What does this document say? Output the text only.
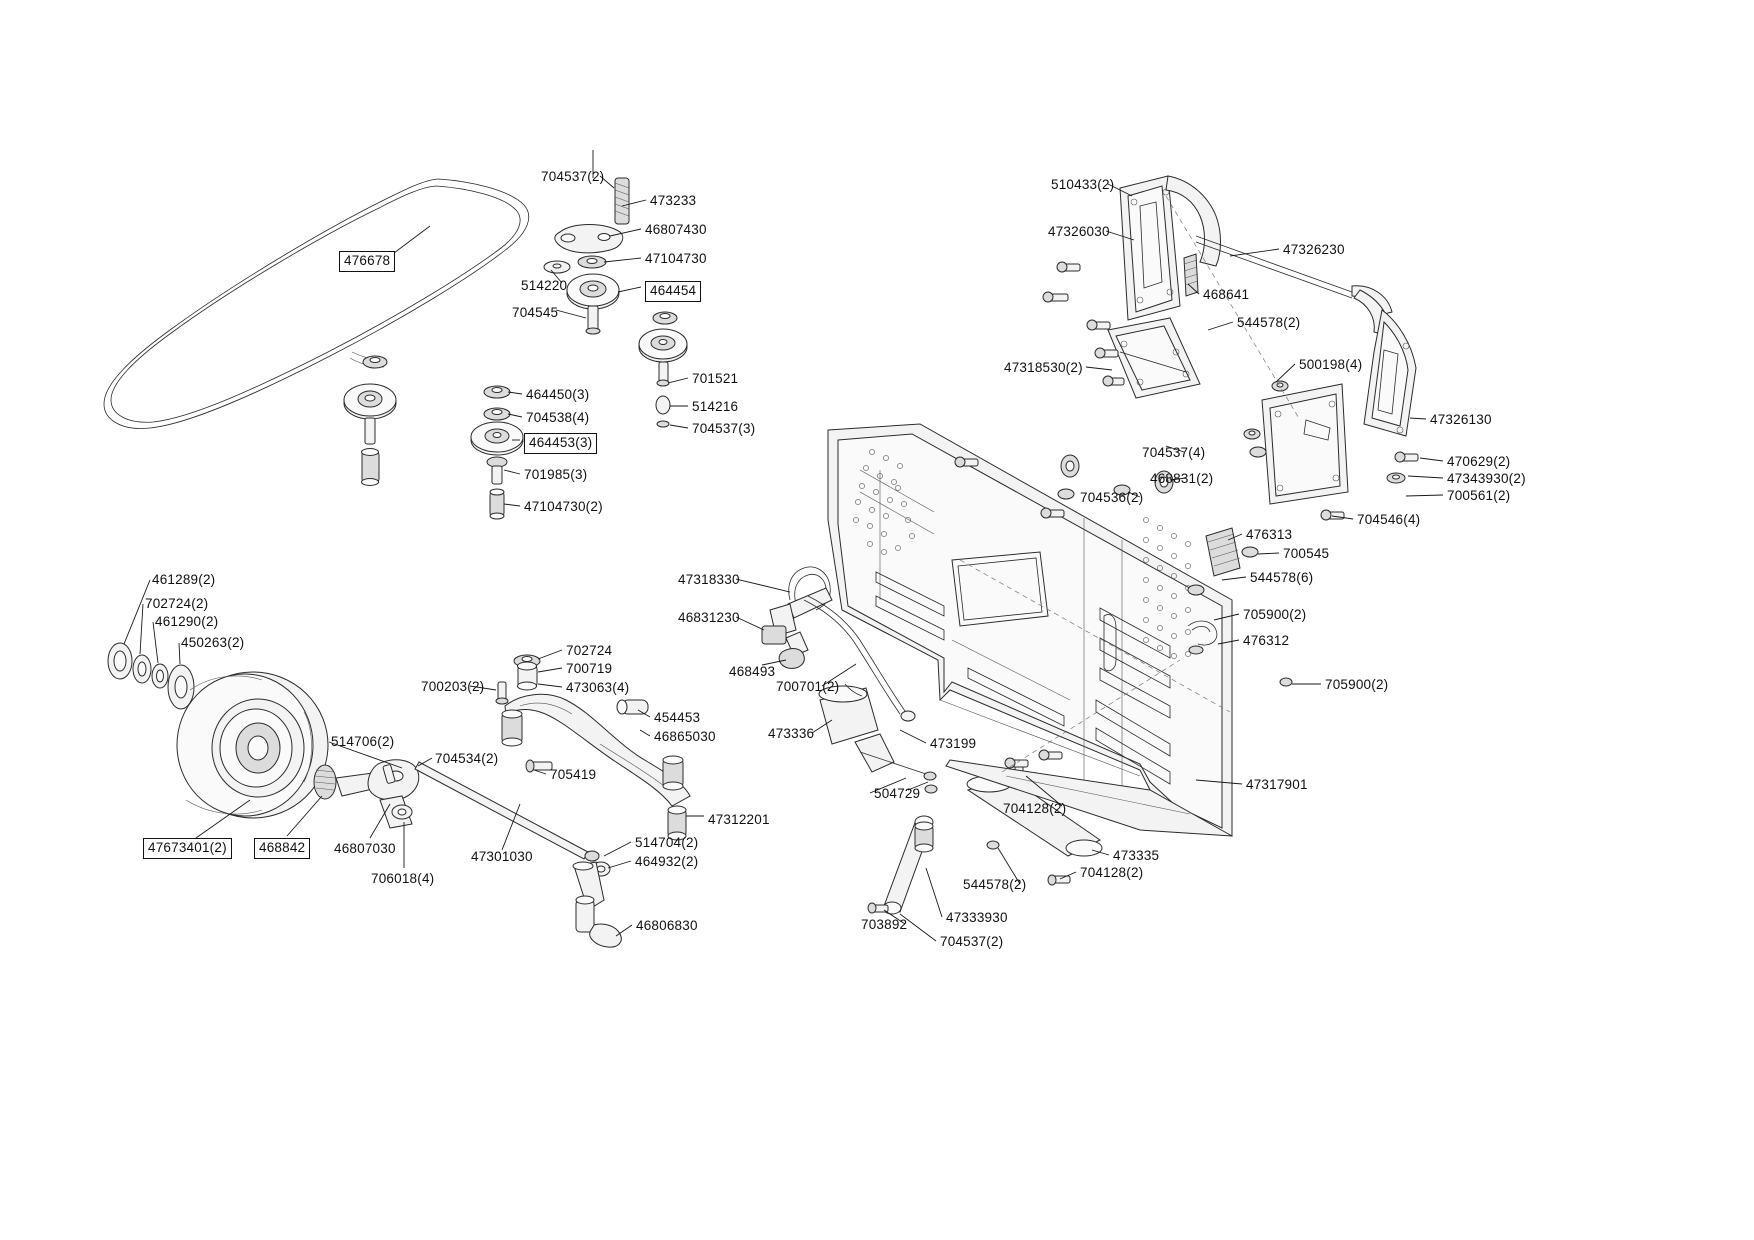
704537(2)
473233
46807430
47104730
476678
514220	464454
704545
701521
464450(3)
514216
704538(4)
704537(3)
464453(3)
701985(3)
47104730(2)
510433(2)
47326030
47326230
468641
544578(2)
500198(4)
47318530(2)
47326130
704537(4)
468831(2)
470629(2)
47343930(2)
700561(2)
704536(2)
704546(4)
476313
700545
544578(6)
47318330
46831230	705900(2)
476312
468493
700701(2)	705900(2)
461289(2)
702724(2)
461290(2)
450263(2)
702724
700719
700203(2)	473063(4)
454453
46865030	473336
473199
514706(2)
704534(2)
705419
504729
704128(2)
47317901
47312201
47673401(2)	468842	46807030
47301030
514704(2)
473335
706018(4)
464932(2)
544578(2)
704128(2)
47333930
46806830	703892
704537(2)
